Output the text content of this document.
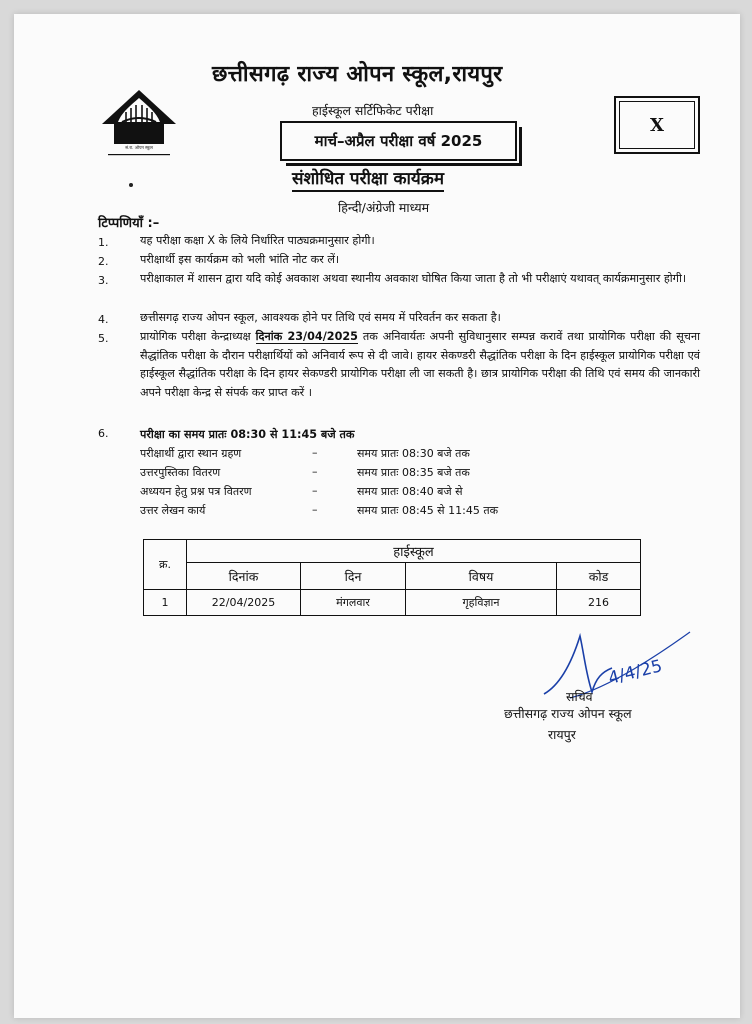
सं.रा. ओपन स्कूल
छत्तीसगढ़ राज्य ओपन स्कूल,रायपुर
हाईस्कूल सर्टिफिकेट परीक्षा
मार्च–अप्रैल परीक्षा वर्ष 2025
X
संशोधित परीक्षा कार्यक्रम
हिन्दी/अंग्रेजी माध्यम
टिप्पणियाँ :–
1.	यह परीक्षा कक्षा X के लिये निर्धारित पाठ्यक्रमानुसार होगी।
2.	परीक्षार्थी इस कार्यक्रम को भली भांति नोट कर लें।
3.	परीक्षाकाल में शासन द्वारा यदि कोई अवकाश अथवा स्थानीय अवकाश घोषित किया जाता है तो भी परीक्षाएं यथावत् कार्यक्रमानुसार होगी।
4.	छत्तीसगढ़ राज्य ओपन स्कूल, आवश्यक होने पर तिथि एवं समय में परिवर्तन कर सकता है।
5.	प्रायोगिक परीक्षा केन्द्राध्यक्ष दिनांक 23/04/2025 तक अनिवार्यतः अपनी सुविधानुसार सम्पन्न करावें तथा प्रायोगिक परीक्षा की सूचना सैद्धांतिक परीक्षा के दौरान परीक्षार्थियों को अनिवार्य रूप से दी जावे। हायर सेकण्डरी सैद्धांतिक परीक्षा के दिन हाईस्कूल प्रायोगिक परीक्षा एवं हाईस्कूल सैद्धांतिक परीक्षा के दिन हायर सेकण्डरी प्रायोगिक परीक्षा ली जा सकती है। छात्र प्रायोगिक परीक्षा की तिथि एवं समय की जानकारी अपने परीक्षा केन्द्र से संपर्क कर प्राप्त करें ।
6.	परीक्षा का समय प्रातः 08:30 से 11:45 बजे तक
परीक्षार्थी द्वारा स्थान ग्रहण	–	समय प्रातः 08:30 बजे तक
उत्तरपुस्तिका वितरण	–	समय प्रातः 08:35 बजे तक
अध्ययन हेतु प्रश्न पत्र वितरण	–	समय प्रातः 08:40 बजे से
उत्तर लेखन कार्य	–	समय प्रातः 08:45 से 11:45 तक
क्र.	हाईस्कूल			
	दिनांक	दिन	विषय	कोड
1	22/04/2025	मंगलवार	गृहविज्ञान	216
4/4/25
सचिव
छत्तीसगढ़ राज्य ओपन स्कूल
रायपुर
